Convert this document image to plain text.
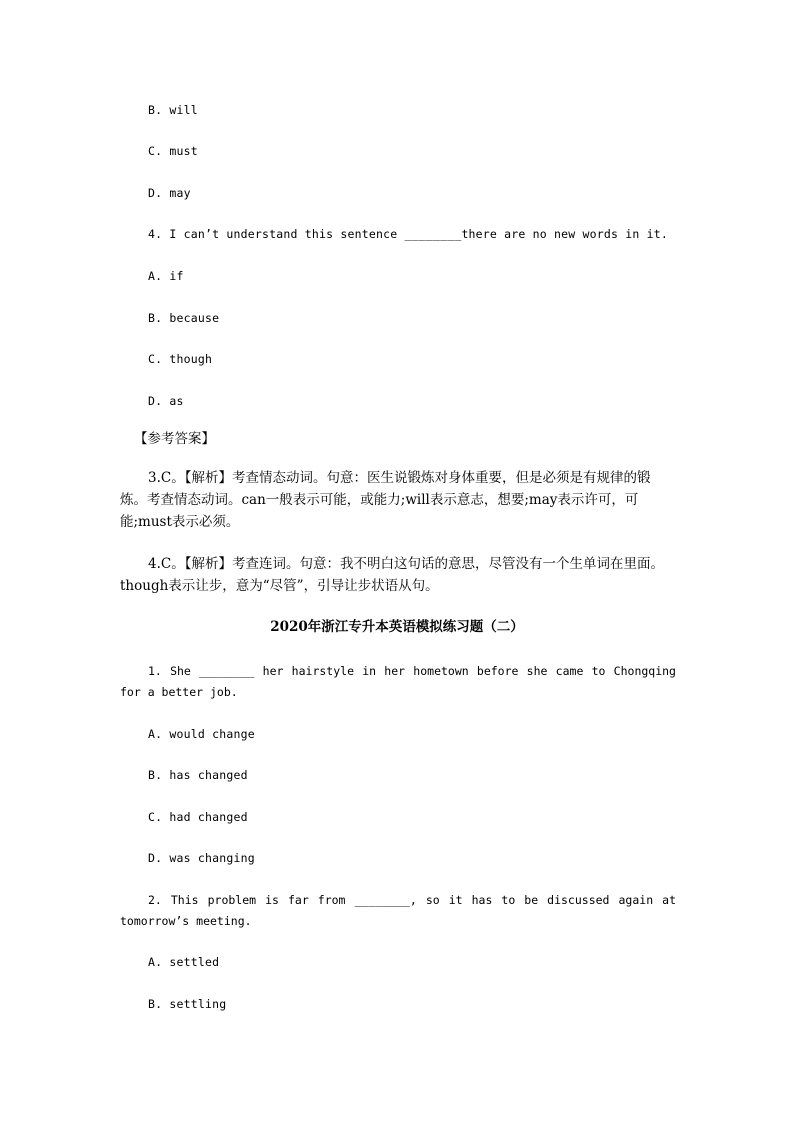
B. will
C. must
D. may
4. I can’t understand this sentence ________there are no new words in it.
A. if
B. because
C. though
D. as
【参考答案】
3.C。【解析】考查情态动词。句意：医生说锻炼对身体重要，但是必须是有规律的锻炼。考查情态动词。can一般表示可能，或能力;will表示意志，想要;may表示许可，可能;must表示必须。
4.C。【解析】考查连词。句意：我不明白这句话的意思，尽管没有一个生单词在里面。though表示让步，意为“尽管”，引导让步状语从句。
2020年浙江专升本英语模拟练习题（二）
1. She ________ her hairstyle in her hometown before she came to Chongqing for a better job.
A. would change
B. has changed
C. had changed
D. was changing
2. This problem is far from ________, so it has to be discussed again at tomorrow’s meeting.
A. settled
B. settling
